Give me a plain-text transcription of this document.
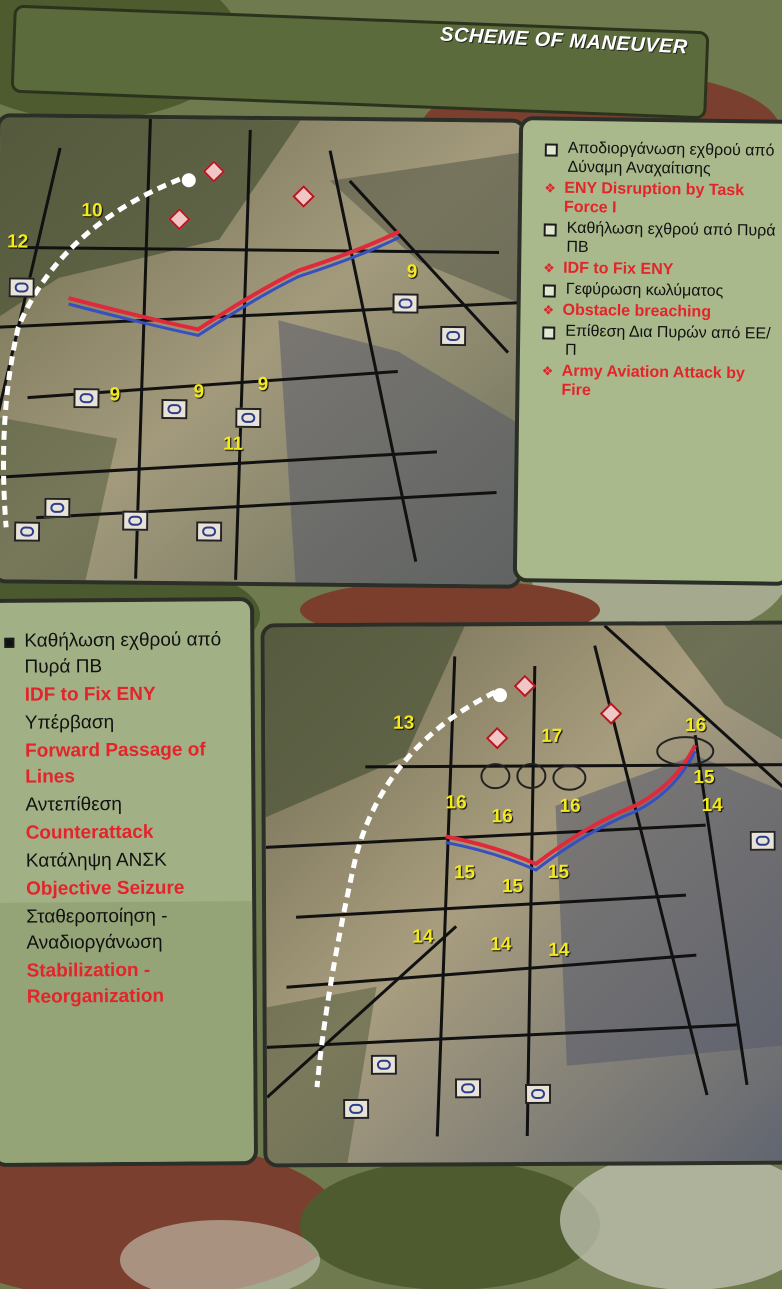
SCHEME OF MANEUVER
10
12
9
9	9	9
11
Αποδιοργάνωση εχθρού από Δύναμη Αναχαίτισης
❖ ENY Disruption by Task Force I
Καθήλωση εχθρού από Πυρά ΠΒ
❖ IDF to Fix ENY
Γεφύρωση κωλύματος
❖ Obstacle breaching
Επίθεση Δια Πυρών από ΕΕ/Π
❖ Army Aviation Attack by Fire
Καθήλωση εχθρού από Πυρά ΠΒ
IDF to Fix ENY
Υπέρβαση
Forward Passage of Lines
Αντεπίθεση
Counterattack
Κατάληψη ΑΝΣΚ
Objective Seizure
Σταθεροποίηση - Αναδιοργάνωση
Stabilization - Reorganization
13
17
16
16
16 16
15
14
15
15
15
14	14 14
